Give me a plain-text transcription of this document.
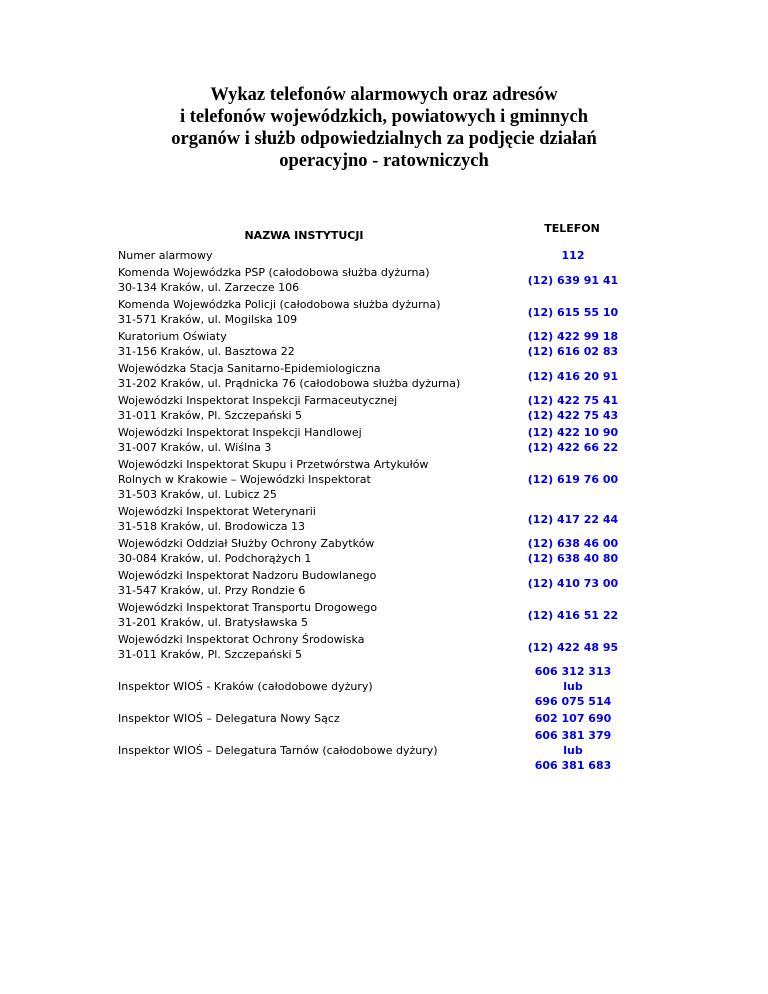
Wykaz telefonów alarmowych oraz adresów
i telefonów wojewódzkich, powiatowych i gminnych
organów i służb odpowiedzialnych za podjęcie działań
operacyjno - ratowniczych
NAZWA INSTYTUCJI
TELEFON
Numer alarmowy	112
Komenda Wojewódzka PSP (całodobowa służba dyżurna)
30-134 Kraków, ul. Zarzecze 106
(12) 639 91 41
Komenda Wojewódzka Policji (całodobowa służba dyżurna)
31-571 Kraków, ul. Mogilska 109
(12) 615 55 10
Kuratorium Oświaty
31-156 Kraków, ul. Basztowa 22
(12) 422 99 18
(12) 616 02 83
Wojewódzka Stacja Sanitarno-Epidemiologiczna
31-202 Kraków, ul. Prądnicka 76 (całodobowa służba dyżurna)
(12) 416 20 91
Wojewódzki Inspektorat Inspekcji Farmaceutycznej
31-011 Kraków, Pl. Szczepański 5
(12) 422 75 41
(12) 422 75 43
Wojewódzki Inspektorat Inspekcji Handlowej
31-007 Kraków, ul. Wiślna 3
(12) 422 10 90
(12) 422 66 22
Wojewódzki Inspektorat Skupu i Przetwórstwa Artykułów
Rolnych w Krakowie – Wojewódzki Inspektorat
31-503 Kraków, ul. Lubicz 25
(12) 619 76 00
Wojewódzki Inspektorat Weterynarii
31-518 Kraków, ul. Brodowicza 13
(12) 417 22 44
Wojewódzki Oddział Służby Ochrony Zabytków
30-084 Kraków, ul. Podchorążych 1
(12) 638 46 00
(12) 638 40 80
Wojewódzki Inspektorat Nadzoru Budowlanego
31-547 Kraków, ul. Przy Rondzie 6
(12) 410 73 00
Wojewódzki Inspektorat Transportu Drogowego
31-201 Kraków, ul. Bratysławska 5
(12) 416 51 22
Wojewódzki Inspektorat Ochrony Środowiska
31-011 Kraków, Pl. Szczepański 5
(12) 422 48 95
Inspektor WIOŚ - Kraków (całodobowe dyżury)
606 312 313
lub
696 075 514
Inspektor WIOŚ – Delegatura Nowy Sącz	602 107 690
Inspektor WIOŚ – Delegatura Tarnów (całodobowe dyżury)
606 381 379
lub
606 381 683
